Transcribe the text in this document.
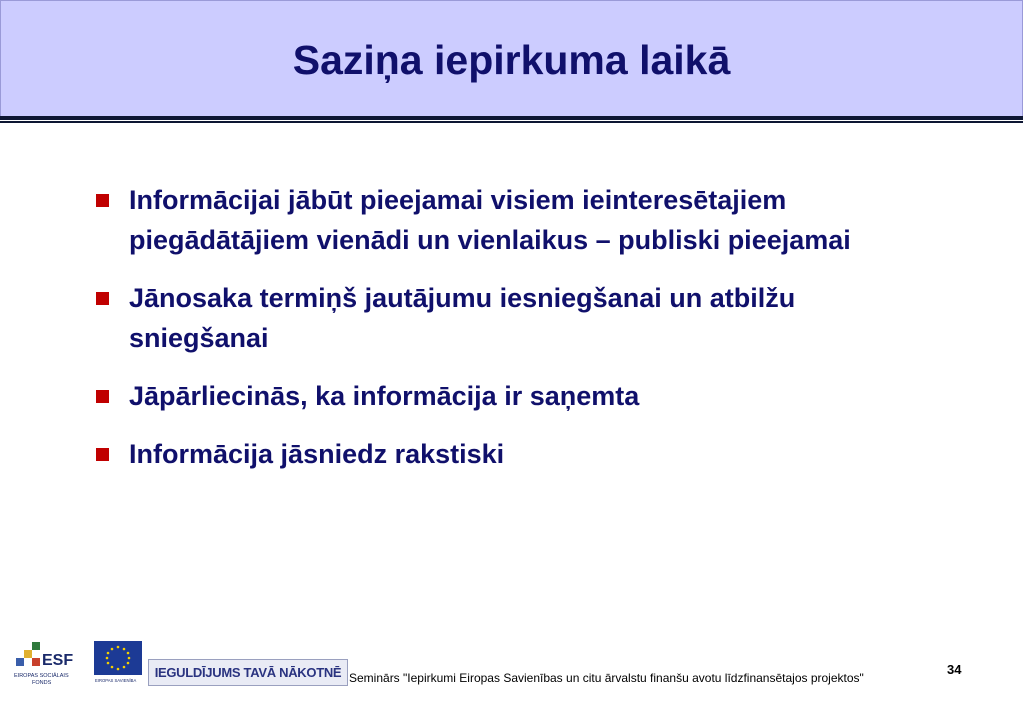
Saziņa iepirkuma laikā
Informācijai jābūt pieejamai visiem ieinteresētajiem
piegādātājiem vienādi un vienlaikus – publiski pieejamai
Jānosaka termiņš jautājumu iesniegšanai un atbilžu
sniegšanai
Jāpārliecinās, ka informācija ir saņemta
Informācija jāsniedz rakstiski
ESF
EIROPAS SOCIĀLAIS
FONDS	EIROPAS SAVIENĪBA
IEGULDĪJUMS TAVĀ NĀKOTNĒ Seminārs "Iepirkumi Eiropas Savienības un citu ārvalstu finanšu avotu līdzfinansētajos projektos"
34
